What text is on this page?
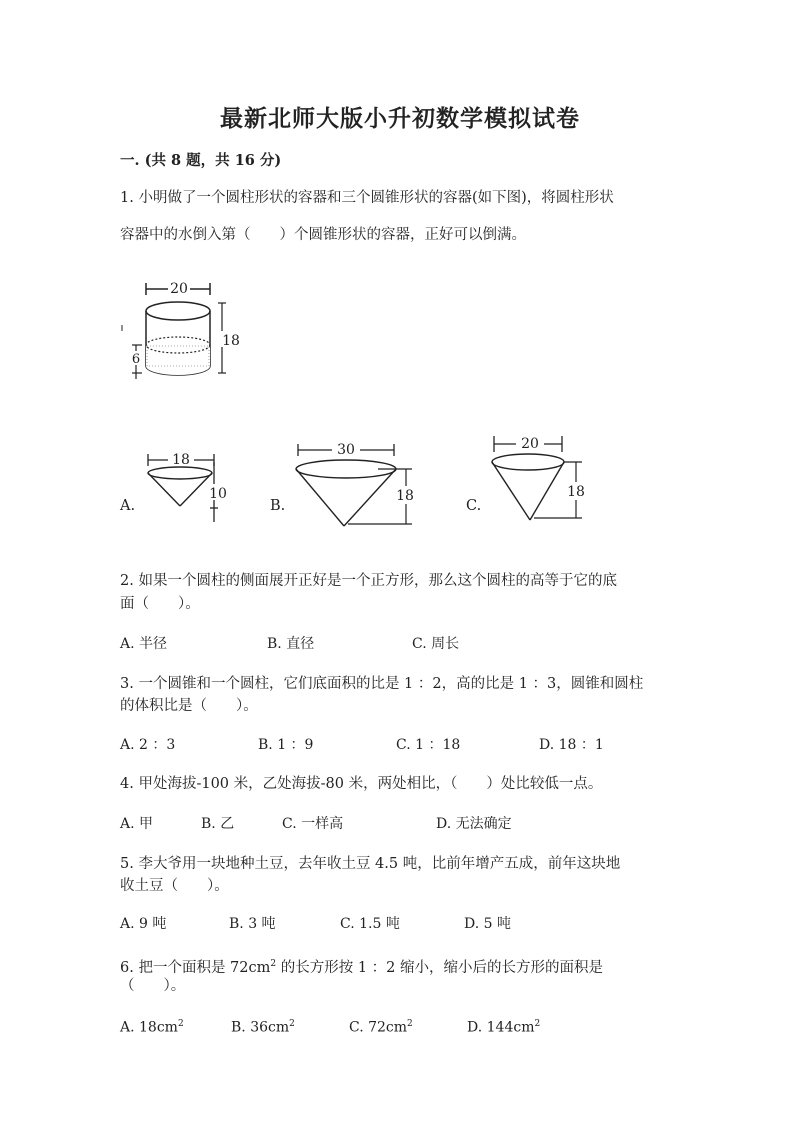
最新北师大版小升初数学模拟试卷
一. (共 8 题，共 16 分)
1. 小明做了一个圆柱形状的容器和三个圆锥形状的容器(如下图)，将圆柱形状
容器中的水倒入第（　　）个圆锥形状的容器，正好可以倒满。
20
18
6
A.
18
10
B.
30
18
C.
20
18
2. 如果一个圆柱的侧面展开正好是一个正方形，那么这个圆柱的高等于它的底
面（　　）。
A. 半径	B. 直径	C. 周长
3. 一个圆锥和一个圆柱，它们底面积的比是 1 ：2，高的比是 1 ：3，圆锥和圆柱
的体积比是（　　）。
A. 2 ：3	B. 1 ：9	C. 1 ：18	D. 18 ：1
4. 甲处海拔-100 米，乙处海拔-80 米，两处相比，（　　）处比较低一点。
A. 甲	B. 乙	C. 一样高	D. 无法确定
5. 李大爷用一块地种土豆，去年收土豆 4.5 吨，比前年增产五成，前年这块地
收土豆（　　）。
A. 9 吨	B. 3 吨	C. 1.5 吨	D. 5 吨
6. 把一个面积是 $72cm^2$ 的长方形按 1 ：2 缩小，缩小后的长方形的面积是
（　　）。
A. $18cm^2$	B. $36cm^2$	C. $72cm^2$	D. $144cm^2$
